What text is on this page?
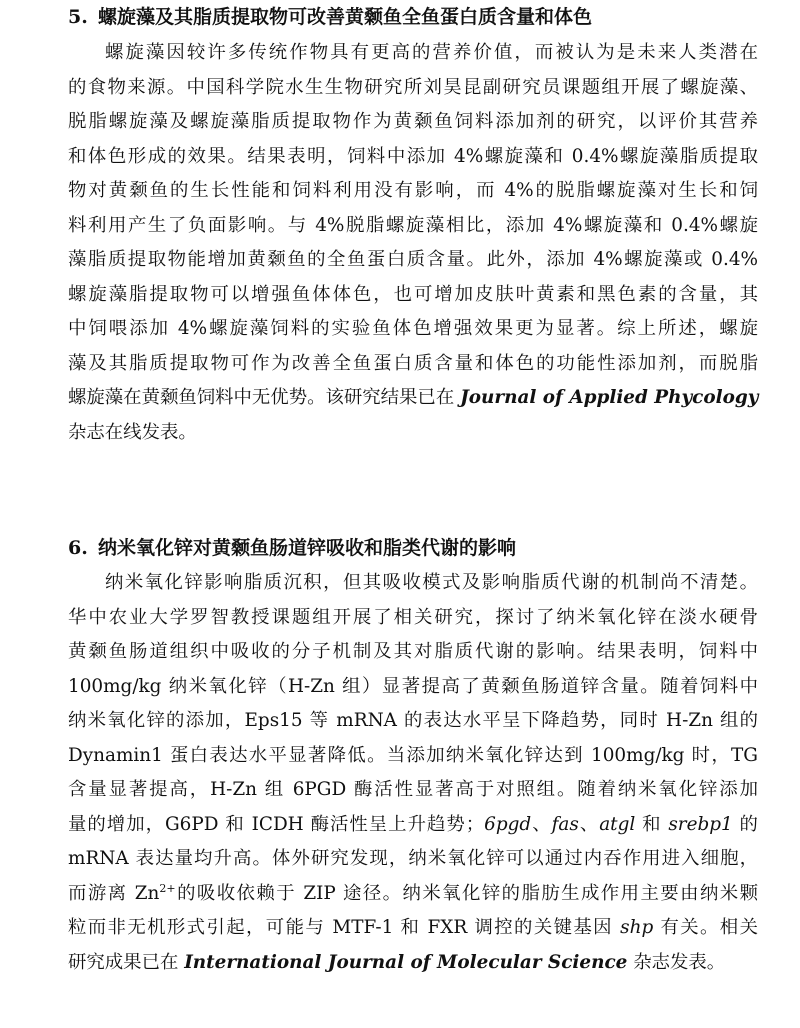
5. 螺旋藻及其脂质提取物可改善黄颡鱼全鱼蛋白质含量和体色
螺旋藻因较许多传统作物具有更高的营养价值，而被认为是未来人类潜在
的食物来源。中国科学院水生生物研究所刘昊昆副研究员课题组开展了螺旋藻、
脱脂螺旋藻及螺旋藻脂质提取物作为黄颡鱼饲料添加剂的研究，以评价其营养
和体色形成的效果。结果表明，饲料中添加 4%螺旋藻和 0.4%螺旋藻脂质提取
物对黄颡鱼的生长性能和饲料利用没有影响，而 4%的脱脂螺旋藻对生长和饲
料利用产生了负面影响。与 4%脱脂螺旋藻相比，添加 4%螺旋藻和 0.4%螺旋
藻脂质提取物能增加黄颡鱼的全鱼蛋白质含量。此外，添加 4%螺旋藻或 0.4%
螺旋藻脂提取物可以增强鱼体体色，也可增加皮肤叶黄素和黑色素的含量，其
中饲喂添加 4%螺旋藻饲料的实验鱼体色增强效果更为显著。综上所述，螺旋
藻及其脂质提取物可作为改善全鱼蛋白质含量和体色的功能性添加剂，而脱脂
螺旋藻在黄颡鱼饲料中无优势。该研究结果已在 Journal of Applied Phycology
杂志在线发表。
6. 纳米氧化锌对黄颡鱼肠道锌吸收和脂类代谢的影响
纳米氧化锌影响脂质沉积，但其吸收模式及影响脂质代谢的机制尚不清楚。
华中农业大学罗智教授课题组开展了相关研究，探讨了纳米氧化锌在淡水硬骨
黄颡鱼肠道组织中吸收的分子机制及其对脂质代谢的影响。结果表明，饲料中
100mg/kg 纳米氧化锌（H-Zn 组）显著提高了黄颡鱼肠道锌含量。随着饲料中
纳米氧化锌的添加，Eps15 等 mRNA 的表达水平呈下降趋势，同时 H-Zn 组的
Dynamin1 蛋白表达水平显著降低。当添加纳米氧化锌达到 100mg/kg 时，TG
含量显著提高，H-Zn 组 6PGD 酶活性显著高于对照组。随着纳米氧化锌添加
量的增加，G6PD 和 ICDH 酶活性呈上升趋势；6pgd、fas、atgl 和 srebp1 的
mRNA 表达量均升高。体外研究发现，纳米氧化锌可以通过内吞作用进入细胞，
而游离 $Zn^{2+}$的吸收依赖于 ZIP 途径。纳米氧化锌的脂肪生成作用主要由纳米颗
粒而非无机形式引起，可能与 MTF-1 和 FXR 调控的关键基因 shp 有关。相关
研究成果已在 International Journal of Molecular Science 杂志发表。
